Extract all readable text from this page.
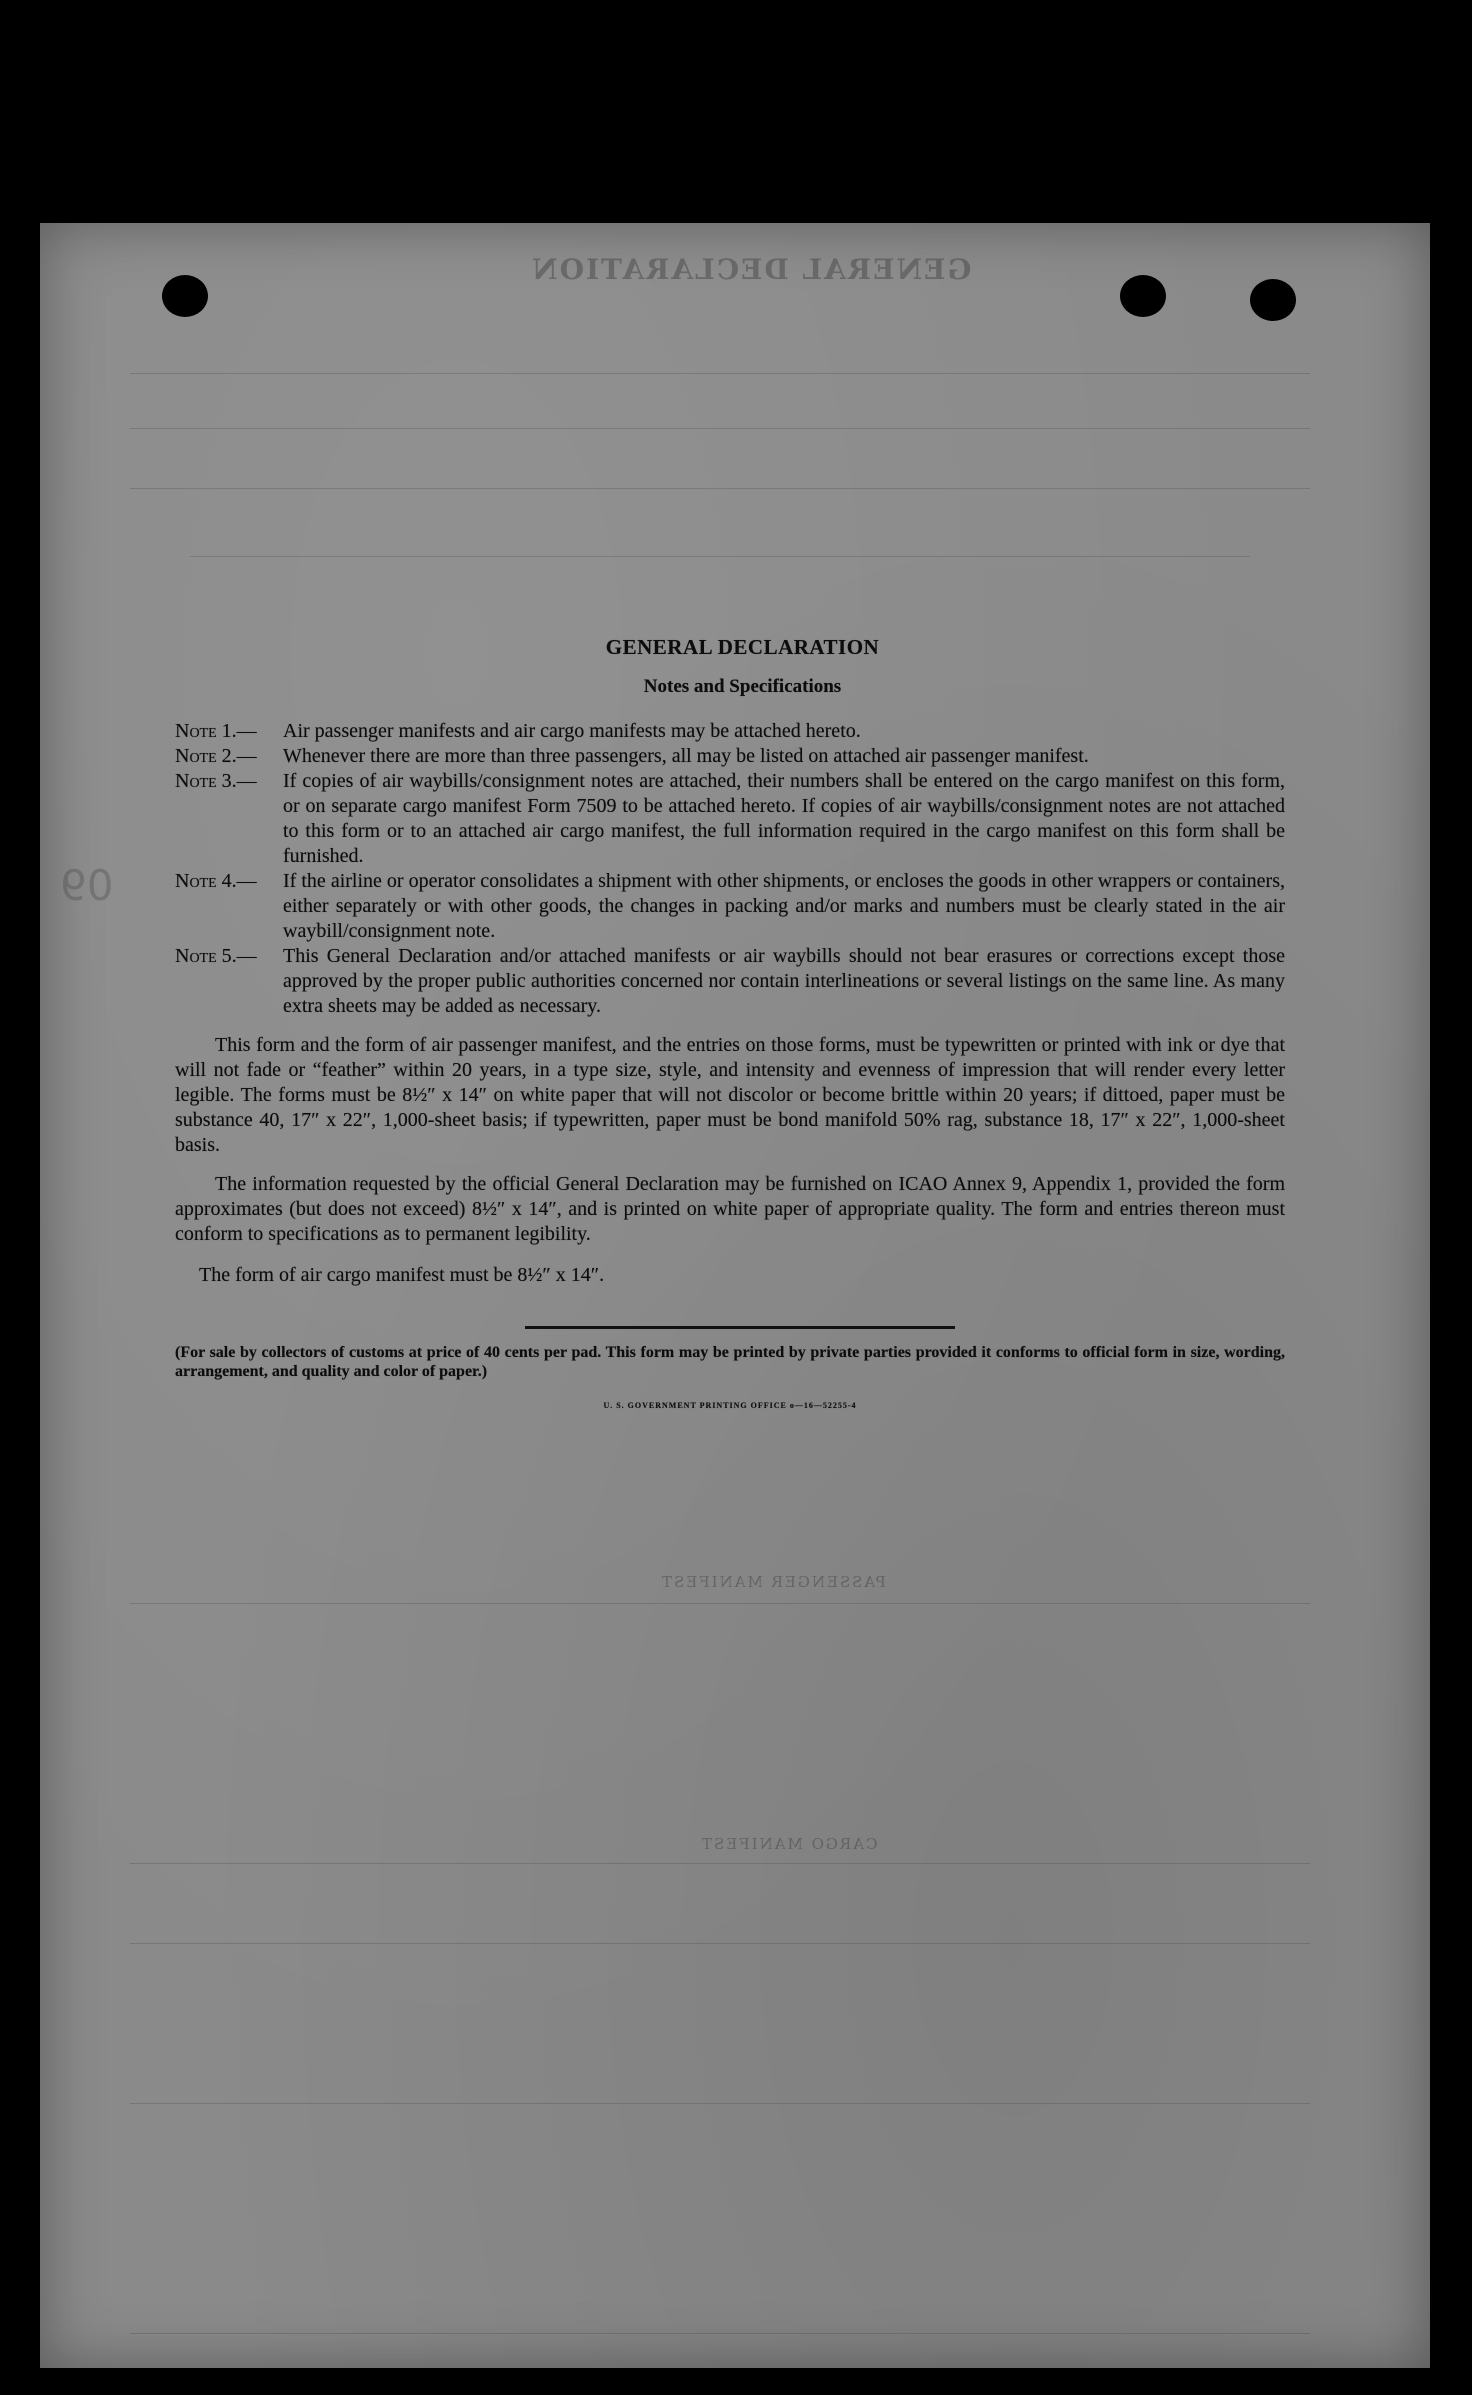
GENERAL DECLARATION
PASSENGER MANIFEST
CARGO MANIFEST
09
GENERAL DECLARATION
Notes and Specifications
Note 1.—	Air passenger manifests and air cargo manifests may be attached hereto.
Note 2.—	Whenever there are more than three passengers, all may be listed on attached air passenger manifest.
Note 3.—	If copies of air waybills/consignment notes are attached, their numbers shall be entered on the cargo manifest on this form, or on separate cargo manifest Form 7509 to be attached hereto. If copies of air waybills/consignment notes are not attached to this form or to an attached air cargo manifest, the full information required in the cargo manifest on this form shall be furnished.
Note 4.—	If the airline or operator consolidates a shipment with other shipments, or encloses the goods in other wrappers or containers, either separately or with other goods, the changes in packing and/or marks and numbers must be clearly stated in the air waybill/consignment note.
Note 5.—	This General Declaration and/or attached manifests or air waybills should not bear erasures or corrections except those approved by the proper public authorities concerned nor contain interlineations or several listings on the same line. As many extra sheets may be added as necessary.
This form and the form of air passenger manifest, and the entries on those forms, must be typewritten or printed with ink or dye that will not fade or “feather” within 20 years, in a type size, style, and intensity and evenness of impression that will render every letter legible. The forms must be 8½″ x 14″ on white paper that will not discolor or become brittle within 20 years; if dittoed, paper must be substance 40, 17″ x 22″, 1,000-sheet basis; if typewritten, paper must be bond manifold 50% rag, substance 18, 17″ x 22″, 1,000-sheet basis.
The information requested by the official General Declaration may be furnished on ICAO Annex 9, Appendix 1, provided the form approximates (but does not exceed) 8½″ x 14″, and is printed on white paper of appropriate quality. The form and entries thereon must conform to specifications as to permanent legibility.
The form of air cargo manifest must be 8½″ x 14″.
(For sale by collectors of customs at price of 40 cents per pad. This form may be printed by private parties provided it conforms to official form in size, wording, arrangement, and quality and color of paper.)
U. S. GOVERNMENT PRINTING OFFICE o—16—52255-4
